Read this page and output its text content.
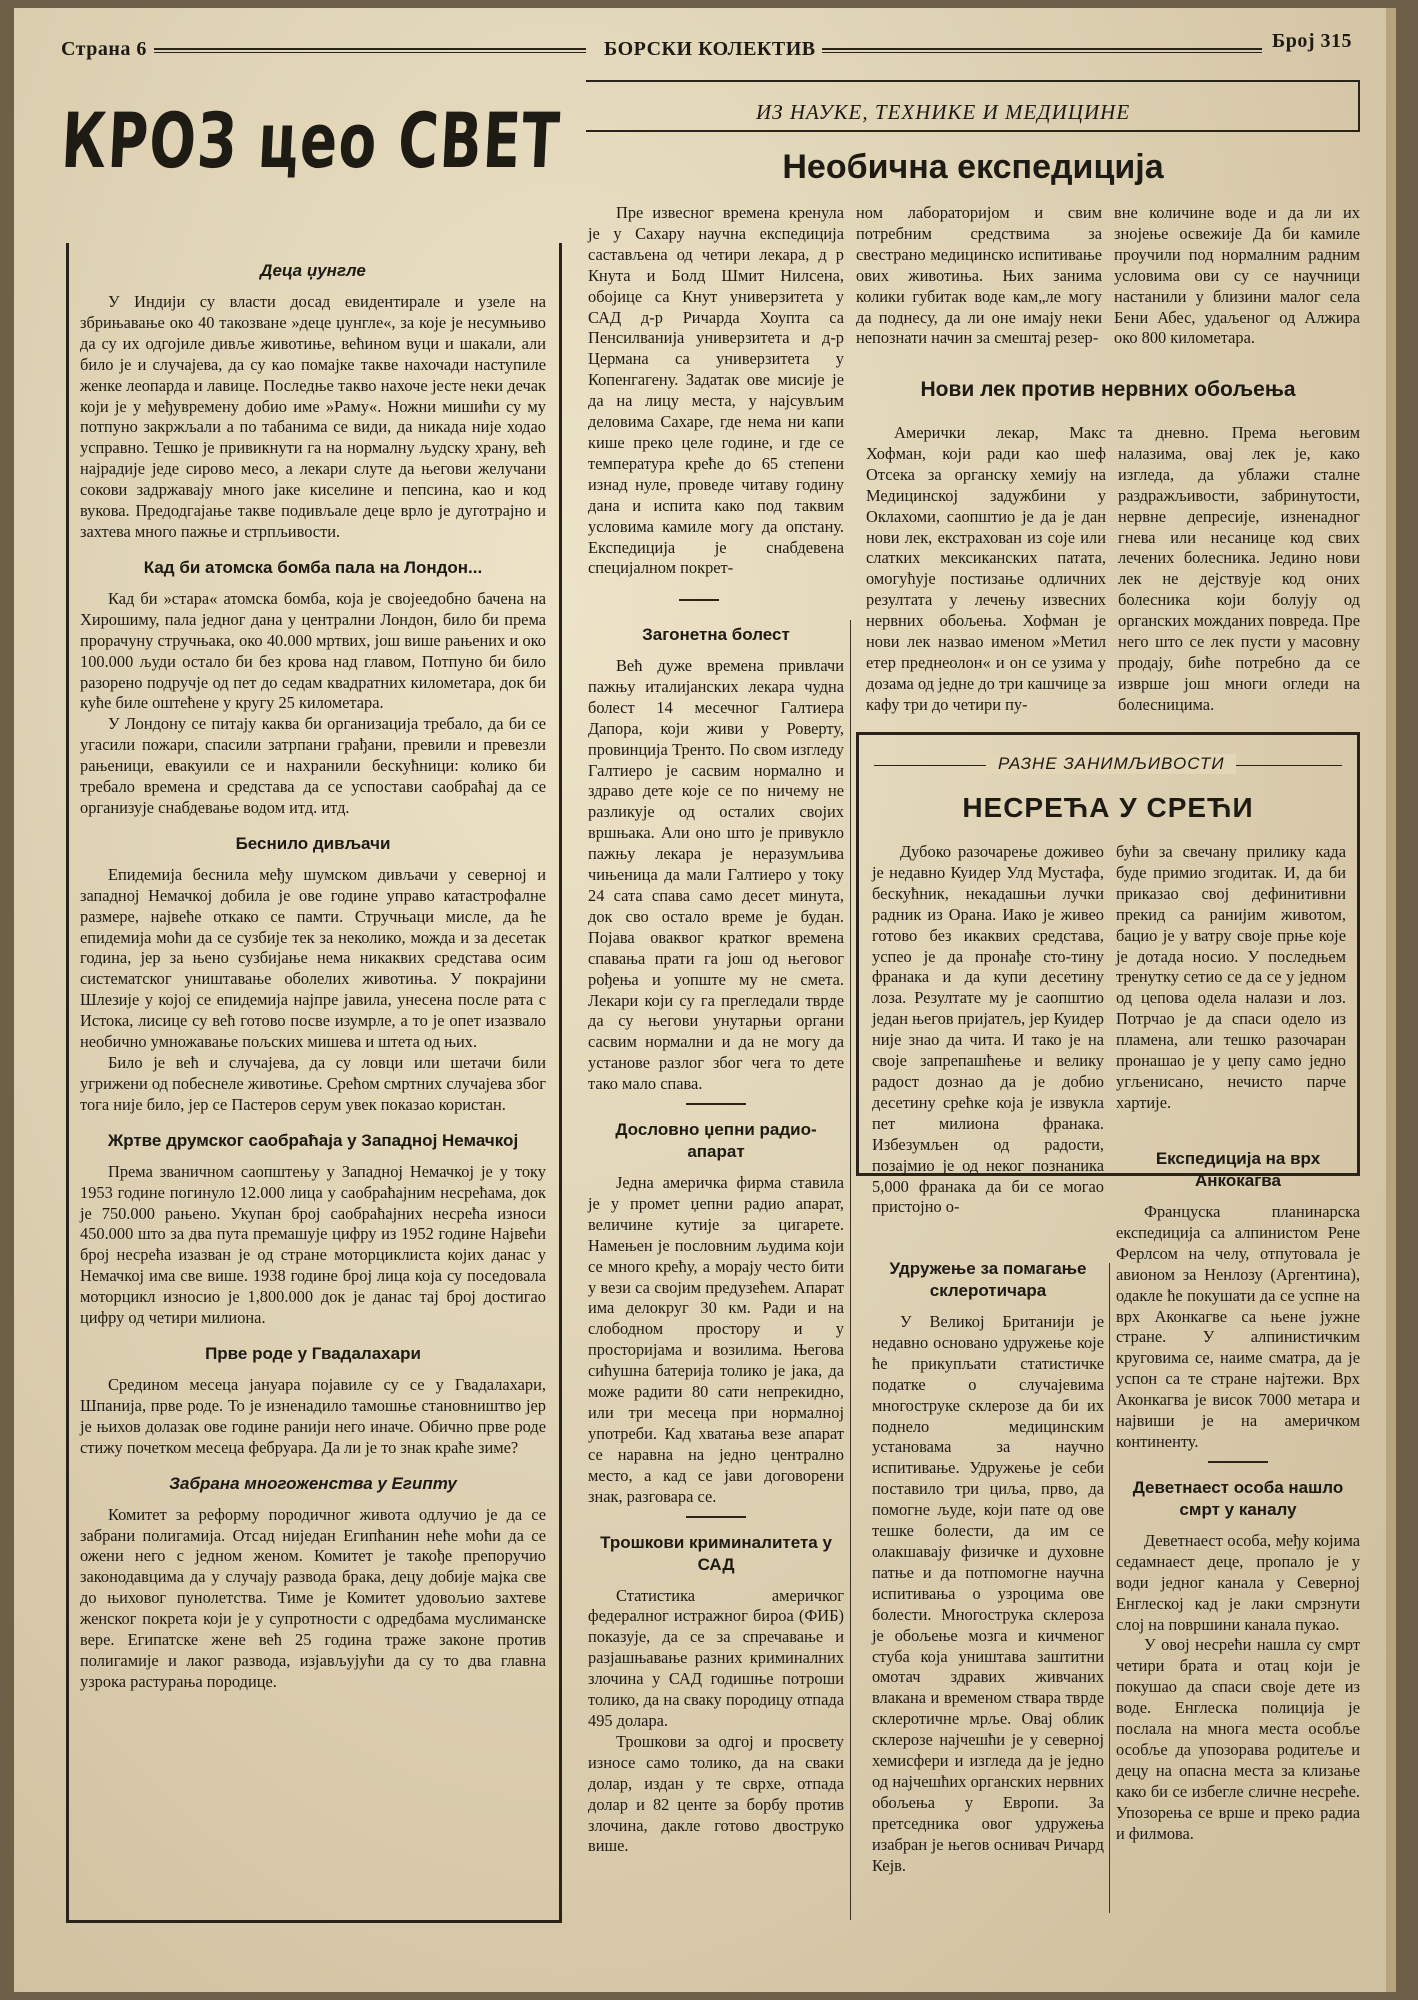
Страна 6	БОРСКИ КОЛЕКТИВ	Број 315
КРОЗ цео СВЕТ
Деца џунгле

У Индији су власти досад евидентирале и узеле на збрињавање око 40 такозване »деце џунгле«, за које је несумњиво да су их одгојиле дивље животиње, већином вуци и шакали, али било је и случајева, да су као помајке такве нахочади наступиле женке леопарда и лавице. Последње такво нахоче јесте неки дечак који је у међувремену добио име »Раму«. Ножни мишићи су му потпуно закржљали а по табанима се види, да никада није ходао усправно. Тешко је привикнути га на нормалну људску храну, већ најрадије једе сирово месо, а лекари слуте да његови желучани сокови задржавају много јаке киселине и пепсина, као и код вукова. Предодгајање такве подивљале деце врло је дуготрајно и захтева много пажње и стрпљивости.

Кад би атомска бомба пала на Лондон...

Кад би »стара« атомска бомба, која је својеедобно бачена на Хирошиму, пала једног дана у централни Лондон, било би према прорачуну стручњака, око 40.000 мртвих, још више рањених и око 100.000 људи остало би без крова над главом, Потпуно би било разорено подручје од пет до седам квадратних километара, док би куће биле оштећене у кругу 25 километара.

У Лондону се питају каква би организација требало, да би се угасили пожари, спасили затрпани грађани, превили и превезли рањеници, евакуили се и нахранили бескућници: колико би требало времена и средстава да се успостави саобраћај да се организује снабдевање водом итд. итд.

Беснило дивљачи

Епидемија беснила међу шумском дивљачи у северној и западној Немачкој добила је ове године управо катастрофалне размере, највеће откако се памти. Стручњаци мисле, да ће епидемија моћи да се сузбије тек за неколико, можда и за десетак година, јер за њено сузбијање нема никаквих средстава осим систематског уништавање оболелих животиња. У покрајини Шлезије у којој се епидемија најпре јавила, унесена после рата с Истока, лисице су већ готово посве изумрле, а то је опет изазвало необично умножавање пољских мишева и штета од њих.

Било је већ и случајева, да су ловци или шетачи били угрижени од побеснеле животиње. Срећом смртних случајева због тога није било, јер се Пастеров серум увек показао користан.

Жртве друмског саобраћаја у Западној Немачкој

Према званичном саопштењу у Западној Немачкој је у току 1953 године погинуло 12.000 лица у саобраћајним несрећама, док је 750.000 рањено. Укупан број саобраћајних несрећа износи 450.000 што за два пута премашује цифру из 1952 године Највећи број несрећа изазван је од стране моторциклиста којих данас у Немачкој има све више. 1938 године број лица која су поседовала моторцикл износио је 1,800.000 док је данас тај број достигао цифру од четири милиона.

Прве роде у Гвадалахари

Средином месеца јануара појавиле су се у Гвадалахари, Шпанија, прве роде. То је изненадило тамошње становништво јер је њихов долазак ове године ранији него иначе. Обично прве роде стижу почетком месеца фебруара. Да ли је то знак краће зиме?

Забрана многоженства у Египту

Комитет за реформу породичног живота одлучио је да се забрани полигамија. Отсад ниједан Египћанин неће моћи да се ожени него с једном женом. Комитет је такође препоручио законодавцима да у случају развода брака, децу добије мајка све до њиховог пунолетства. Тиме је Комитет удовољио захтеве женског покрета који је у супротности с одредбама муслиманске вере. Египатске жене већ 25 година траже законе против полигамије и лаког развода, изјављујући да су то два главна узрока растурања породице.

ИЗ НАУКЕ, ТЕХНИКЕ И МЕДИЦИНЕ
Необична експедиција

Пре извесног времена кренула је у Сахару научна експедиција састављена од четири лекара, д р Кнута и Болд Шмит Нилсена, обојице са Кнут универзитета у САД д-р Ричарда Хоупта са Пенсилванија универзитета и д-р Цермана са универзитета у Копенгагену. Задатак ове мисије је да на лицу места, у најсувљим деловима Сахаре, где нема ни капи кише преко целе године, и где се температура креће до 65 степени изнад нуле, проведе читаву годину дана и испита како под таквим условима камиле могу да опстану. Експедиција је снабдевена специјалном покрет-

ном лабораторијом и свим потребним средствима за свестрано медицинско испитивање ових животиња. Њих занима колики губитак воде кам„ле могу да поднесу, да ли оне имају неки непознати начин за смештај резер-
вне количине воде и да ли их знојење освежије Да би камиле проучили под нормалним радним условима ови су се научници настанили у близини малог села Бени Абес, удаљеног од Алжира око 800 километара.
Нови лек против нервних обољења

Амерички лекар, Макс Хофман, који ради као шеф Отсека за органску хемију на Медицинској задужбини у Оклахоми, саопштио је да је дан нови лек, екстрахован из соје или слатких мексиканских патата, омогућује постизање одличних резултата у лечењу извесних нервних обољења. Хофман је нови лек назвао именом »Метил етер преднеолон« и он се узима у дозама од једне до три кашчице за кафу три до четири пу-

та дневно. Према његовим налазима, овај лек је, како изгледа, да ублажи сталне раздражљивости, забринутости, нервне депресије, изненадног гнева или несанице код свих лечених болесника. Једино нови лек не дејствује код оних болесника који болују од органских можданих повреда. Пре него што се лек пусти у масовну продају, биће потребно да се изврше још многи огледи на болесницима.
Загонетна болест

Већ дуже времена привлачи пажњу италијанских лекара чудна болест 14 месечног Галтиера Дапора, који живи у Роверту, провинција Тренто. По свом изгледу Галтиеро је сасвим нормално и здраво дете које се по ничему не разликује од осталих својих вршњака. Али оно што је привукло пажњу лекара је неразумљива чињеница да мали Галтиеро у току 24 сата спава само десет минута, док сво остало време је будан. Појава оваквог кратког времена спавања прати га још од његовог рођења и уопште му не смета. Лекари који су га прегледали тврде да су његови унутарњи органи сасвим нормални и да не могу да установе разлог због чега то дете тако мало спава.

Дословно џепни радио-апарат

Једна америчка фирма ставила је у промет џепни радио апарат, величине кутије за цигарете. Намењен је пословним људима који се много крећу, а морају често бити у вези са својим предузећем. Апарат има делокруг 30 км. Ради и на слободном простору и у просторијама и возилима. Његова сићушна батерија толико је јака, да може радити 80 сати непрекидно, или три месеца при нормалној употреби. Кад хватања везе апарат се наравна на једно централно место, а кад се јави договорени знак, разговара се.

Трошкови криминалитета у САД

Статистика америчког федералног истражног бироа (ФИБ) показује, да се за спречавање и разјашњавање разних криминалних злочина у САД годишње потроши толико, да на сваку породицу отпада 495 долара.

Трошкови за одгој и просвету износе само толико, да на сваки долар, издан у те сврхе, отпада долар и 82 центе за борбу против злочина, дакле готово двоструко више.

РАЗНЕ ЗАНИМЉИВОСТИ
НЕСРЕЋА У СРЕЋИ

Дубоко разочарење доживео је недавно Куидер Улд Мустафа, бескућник, некадашњи лучки радник из Орана. Иако је живео готово без икаквих средстава, успео је да пронађе сто-тину франака и да купи десетину лоза. Резултате му је саопштио један његов пријатељ, јер Куидер није знао да чита. И тако је на своје запрепашћење и велику радост дознао да је добио десетину срећке која је извукла пет милиона франака. Избезумљен од радости, позајмио је од неког познаника 5,000 франака да би се могао пристојно о-

бући за свечану прилику када буде примио згодитак. И, да би приказао свој дефинитивни прекид са ранијим животом, бацио је у ватру своје прње које је дотада носио. У последњем тренутку сетио се да се у једном од цепова одела налази и лоз. Потрчао је да спаси одело из пламена, али тешко разочаран пронашао је у џепу само једно угљенисано, нечисто парче хартије.
Удружење за помагање склеротичара

У Великој Британији је недавно основано удружење које ће прикупљати статистичке податке о случајевима многоструке склерозе да би их поднело медицинским установама за научно испитивање. Удружење је себи поставило три циља, прво, да помогне људе, који пате од ове тешке болести, да им се олакшавају физичке и духовне патње и да потпомогне научна испитивања о узроцима ове болести. Многострука склероза је обољење мозга и кичменог стуба која уништава заштитни омотач здравих живчаних влакана и временом ствара тврде склеротичне мрље. Овај облик склерозе најчешћи је у северној хемисфери и изгледа да је једно од најчешћих органских нервних обољења у Европи. За претседника овог удружења изабран је његов оснивач Ричард Кејв.

Експедиција на врх Анкокагва

Француска планинарска експедиција са алпинистом Рене Ферлсом на челу, отпутовала је авионом за Ненлозу (Аргентина), одакле ће покушати да се успне на врх Аконкагве са њене јужне стране. У алпинистичким круговима се, наиме сматра, да је успон са те стране најтежи. Врх Аконкагва је висок 7000 метара и највиши је на америчком континенту.

Деветнаест особа нашло смрт у каналу

Деветнаест особа, међу којима седамнаест деце, пропало је у води једног канала у Северној Енглеској кад је лаки смрзнути слој на површини канала пукао.

У овој несрећи нашла су смрт четири брата и отац који је покушао да спаси своје дете из воде. Енглеска полиција је послала на многа места особље особље да упозорава родитеље и децу на опасна места за клизање како би се избегле сличне несреће. Упозорења се врше и преко радиа и филмова.
